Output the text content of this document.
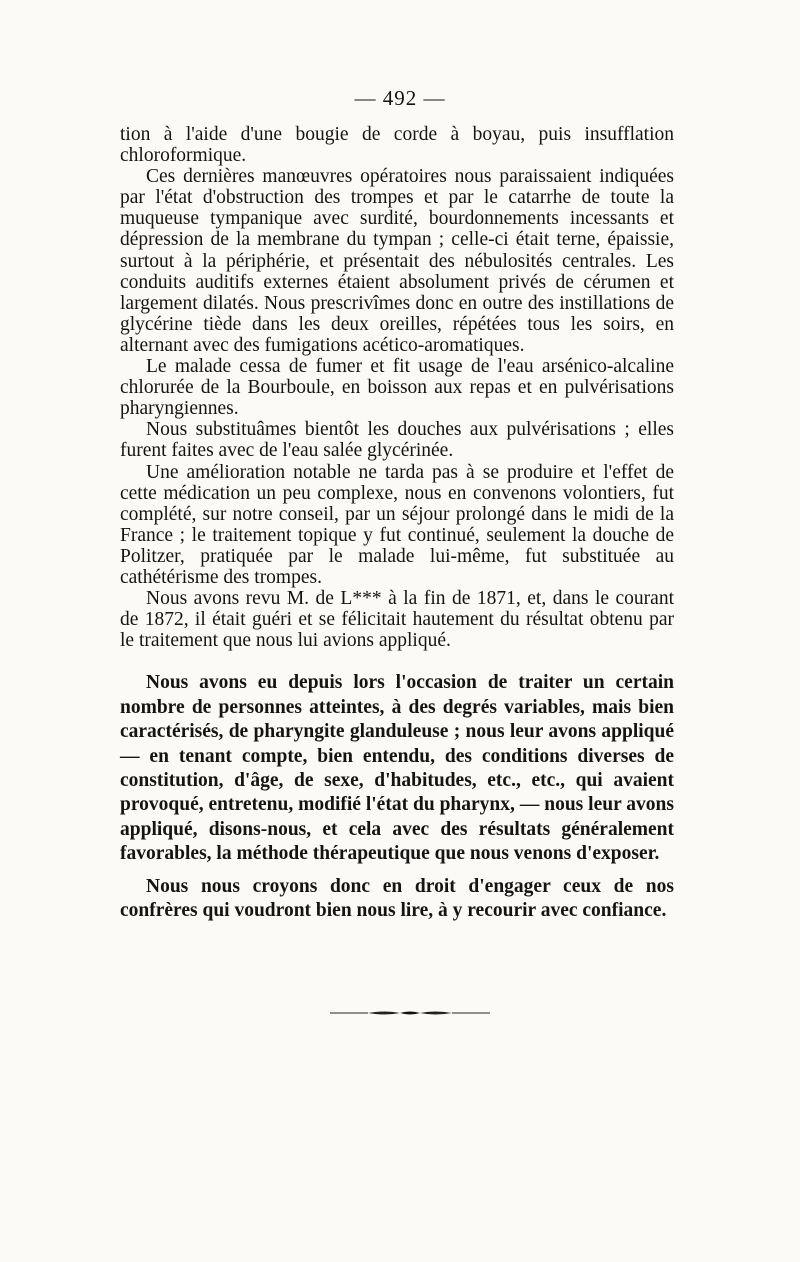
— 492 —

tion à l'aide d'une bougie de corde à boyau, puis insufflation chloroformique.

Ces dernières manœuvres opératoires nous paraissaient indiquées par l'état d'obstruction des trompes et par le catarrhe de toute la muqueuse tympanique avec surdité, bourdonnements incessants et dépression de la membrane du tympan ; celle-ci était terne, épaissie, surtout à la périphérie, et présentait des nébulosités centrales. Les conduits auditifs externes étaient absolument privés de cérumen et largement dilatés. Nous prescrivîmes donc en outre des instillations de glycérine tiède dans les deux oreilles, répétées tous les soirs, en alternant avec des fumigations acético-aromatiques.

Le malade cessa de fumer et fit usage de l'eau arsénico-alcaline chlorurée de la Bourboule, en boisson aux repas et en pulvérisations pharyngiennes.

Nous substituâmes bientôt les douches aux pulvérisations ; elles furent faites avec de l'eau salée glycérinée.

Une amélioration notable ne tarda pas à se produire et l'effet de cette médication un peu complexe, nous en convenons volontiers, fut complété, sur notre conseil, par un séjour prolongé dans le midi de la France ; le traitement topique y fut continué, seulement la douche de Politzer, pratiquée par le malade lui-même, fut substituée au cathétérisme des trompes.

Nous avons revu M. de L*** à la fin de 1871, et, dans le courant de 1872, il était guéri et se félicitait hautement du résultat obtenu par le traitement que nous lui avions appliqué.

Nous avons eu depuis lors l'occasion de traiter un certain nombre de personnes atteintes, à des degrés variables, mais bien caractérisés, de pharyngite glanduleuse ; nous leur avons appliqué — en tenant compte, bien entendu, des conditions diverses de constitution, d'âge, de sexe, d'habitudes, etc., etc., qui avaient provoqué, entretenu, modifié l'état du pharynx, — nous leur avons appliqué, disons-nous, et cela avec des résultats généralement favorables, la méthode thérapeutique que nous venons d'exposer.

Nous nous croyons donc en droit d'engager ceux de nos confrères qui voudront bien nous lire, à y recourir avec confiance.
